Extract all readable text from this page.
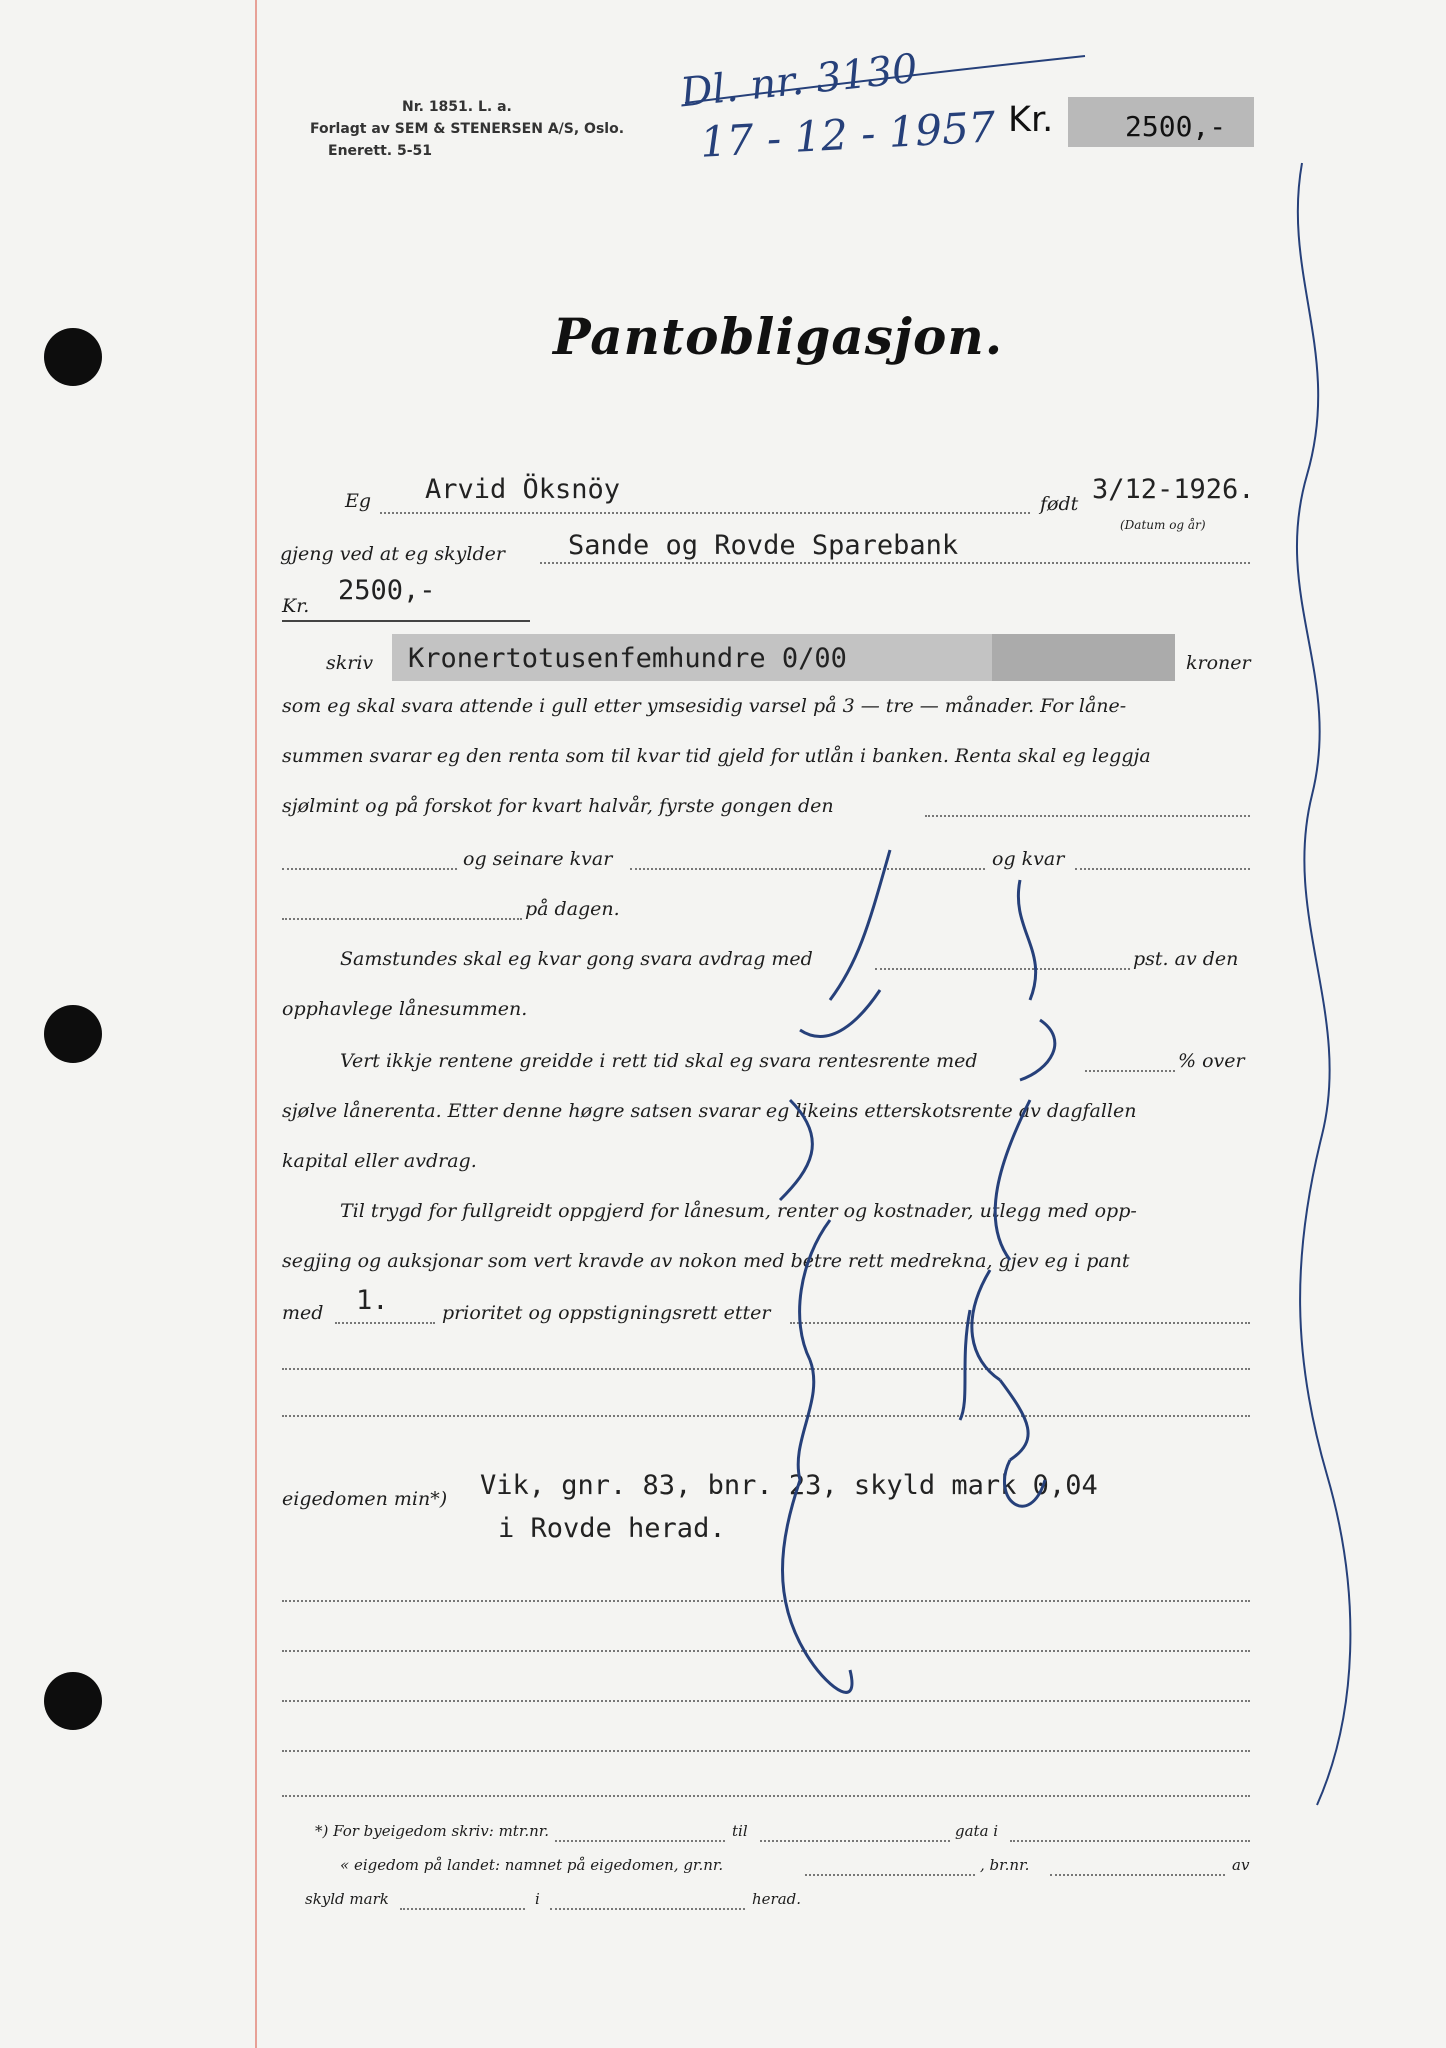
Nr. 1851. L. a.
Forlagt av SEM & STENERSEN A/S, Oslo.
Enerett. 5-51
Dl. nr. 3130
17 - 12 - 1957 Kr.	2500,-
Pantobligasjon.
Eg Arvid Öksnöy	født 3/12-1926.
(Datum og år)
gjeng ved at eg skylder Sande og Rovde Sparebank
Kr. 2500,-
skriv Kronertotusenfemhundre 0/00	kroner
som eg skal svara attende i gull etter ymsesidig varsel på 3 — tre — månader. For låne-
summen svarar eg den renta som til kvar tid gjeld for utlån i banken. Renta skal eg leggja
sjølmint og på forskot for kvart halvår, fyrste gongen den
og seinare kvar	og kvar
på dagen.
Samstundes skal eg kvar gong svara avdrag med	pst. av den
opphavlege lånesummen.
Vert ikkje rentene greidde i rett tid skal eg svara rentesrente med	% over
sjølve lånerenta. Etter denne høgre satsen svarar eg likeins etterskotsrente av dagfallen
kapital eller avdrag.
Til trygd for fullgreidt oppgjerd for lånesum, renter og kostnader, utlegg med opp-
segjing og auksjonar som vert kravde av nokon med betre rett medrekna, gjev eg i pant
med 1.	prioritet og oppstigningsrett etter
eigedomen min*) Vik, gnr. 83, bnr. 23, skyld mark 0,04
i Rovde herad.
*) For byeigedom skriv: mtr.nr.	til	gata i
« eigedom på landet: namnet på eigedomen, gr.nr.	, br.nr.	av
skyld mark	i	herad.
